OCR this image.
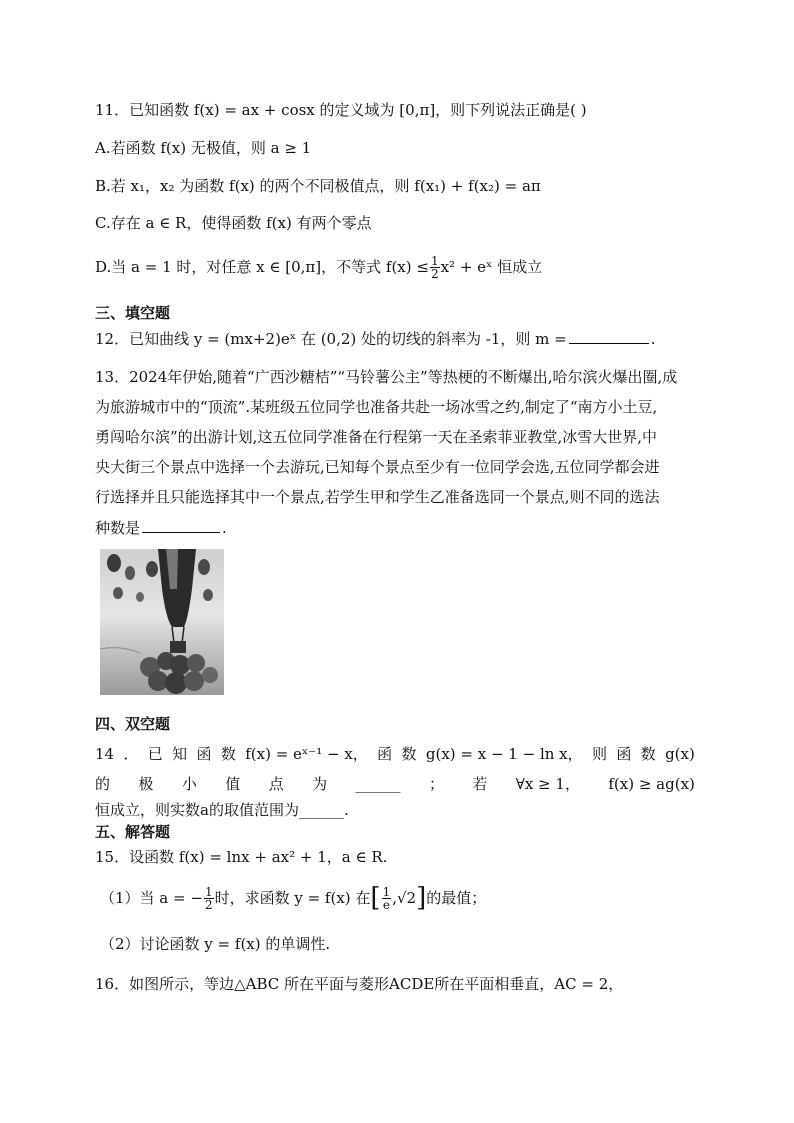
11．已知函数 f(x) = ax + cosx 的定义域为 [0,π]，则下列说法正确是( )
A.若函数 f(x) 无极值，则 a ≥ 1
B.若 x₁，x₂ 为函数 f(x) 的两个不同极值点，则 f(x₁) + f(x₂) = aπ
C.存在 a ∈ R，使得函数 f(x) 有两个零点
D.当 a = 1 时，对任意 x ∈ [0,π]，不等式 $f(x) \le \frac{1}{2} x^2$ + eˣ 恒成立
三、填空题
12．已知曲线 y = (mx+2)eˣ 在 (0,2) 处的切线的斜率为 -1，则 m =	.
13．2024年伊始,随着“广西沙糖桔”“马铃薯公主”等热梗的不断爆出,哈尔滨火爆出圈,成
为旅游城市中的“顶流”.某班级五位同学也准备共赴一场冰雪之约,制定了“南方小土豆,
勇闯哈尔滨”的出游计划,这五位同学准备在行程第一天在圣索菲亚教堂,冰雪大世界,中
央大街三个景点中选择一个去游玩,已知每个景点至少有一位同学会选,五位同学都会进
行选择并且只能选择其中一个景点,若学生甲和学生乙准备选同一个景点,则不同的选法
种数是	.
四、双空题
14 ． 已 知 函 数 f(x) = eˣ⁻¹ − x， 函 数 g(x) = x − 1 − ln x， 则 函 数 g(x)
的 极 小 值 点 为 ______ ； 若 ∀x ≥ 1， f(x) ≥ ag(x)
恒成立，则实数a的取值范围为______.
五、解答题
15．设函数 f(x) = lnx + ax² + 1，a ∈ R.
（1）当 a = − $\frac{1}{2}$ 时，求函数 y = f(x) 在 [ $\frac{1}{e} ,√2$ ] 的最值；
（2）讨论函数 y = f(x) 的单调性.
16．如图所示，等边△ABC 所在平面与菱形ACDE所在平面相垂直，AC = 2，
